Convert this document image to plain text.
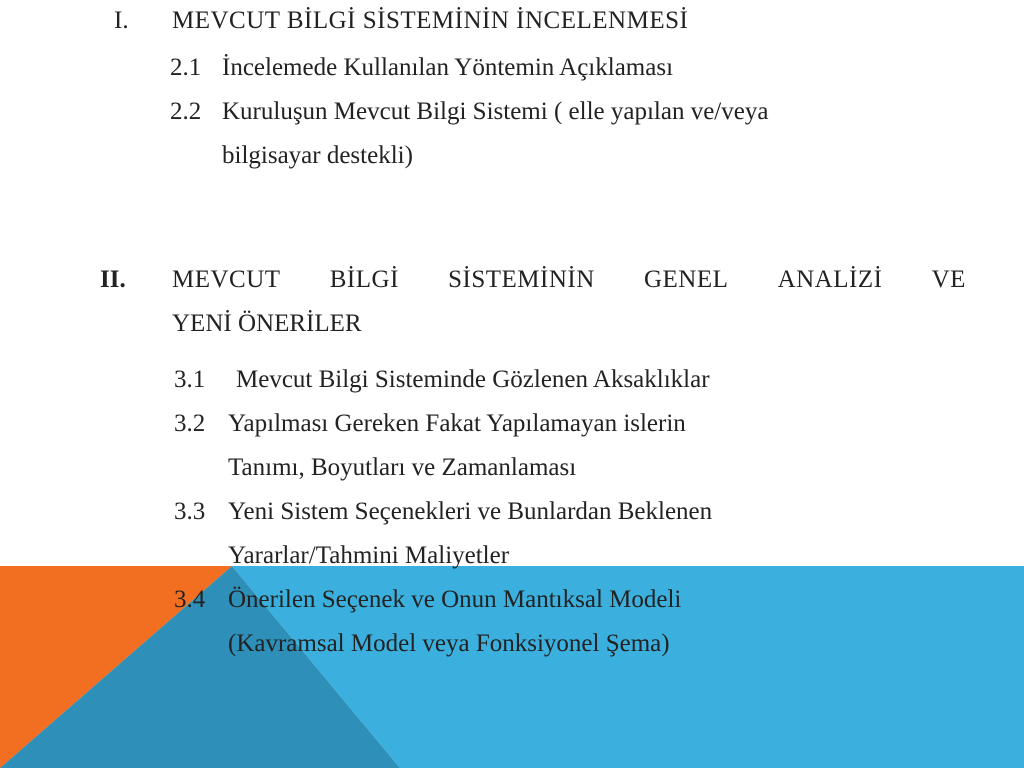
I. MEVCUT BİLGİ SİSTEMİNİN İNCELENMESİ
2.1 İncelemede Kullanılan Yöntemin Açıklaması
2.2 Kuruluşun Mevcut Bilgi Sistemi ( elle yapılan ve/veya
bilgisayar destekli)
II. MEVCUT BİLGİ SİSTEMİNİN GENEL ANALİZİ VE
YENİ ÖNERİLER
3.1 Mevcut Bilgi Sisteminde Gözlenen Aksaklıklar
3.2 Yapılması Gereken Fakat Yapılamayan islerin
Tanımı, Boyutları ve Zamanlaması
3.3 Yeni Sistem Seçenekleri ve Bunlardan Beklenen
Yararlar/Tahmini Maliyetler
3.4 Önerilen Seçenek ve Onun Mantıksal Modeli
(Kavramsal Model veya Fonksiyonel Şema)
